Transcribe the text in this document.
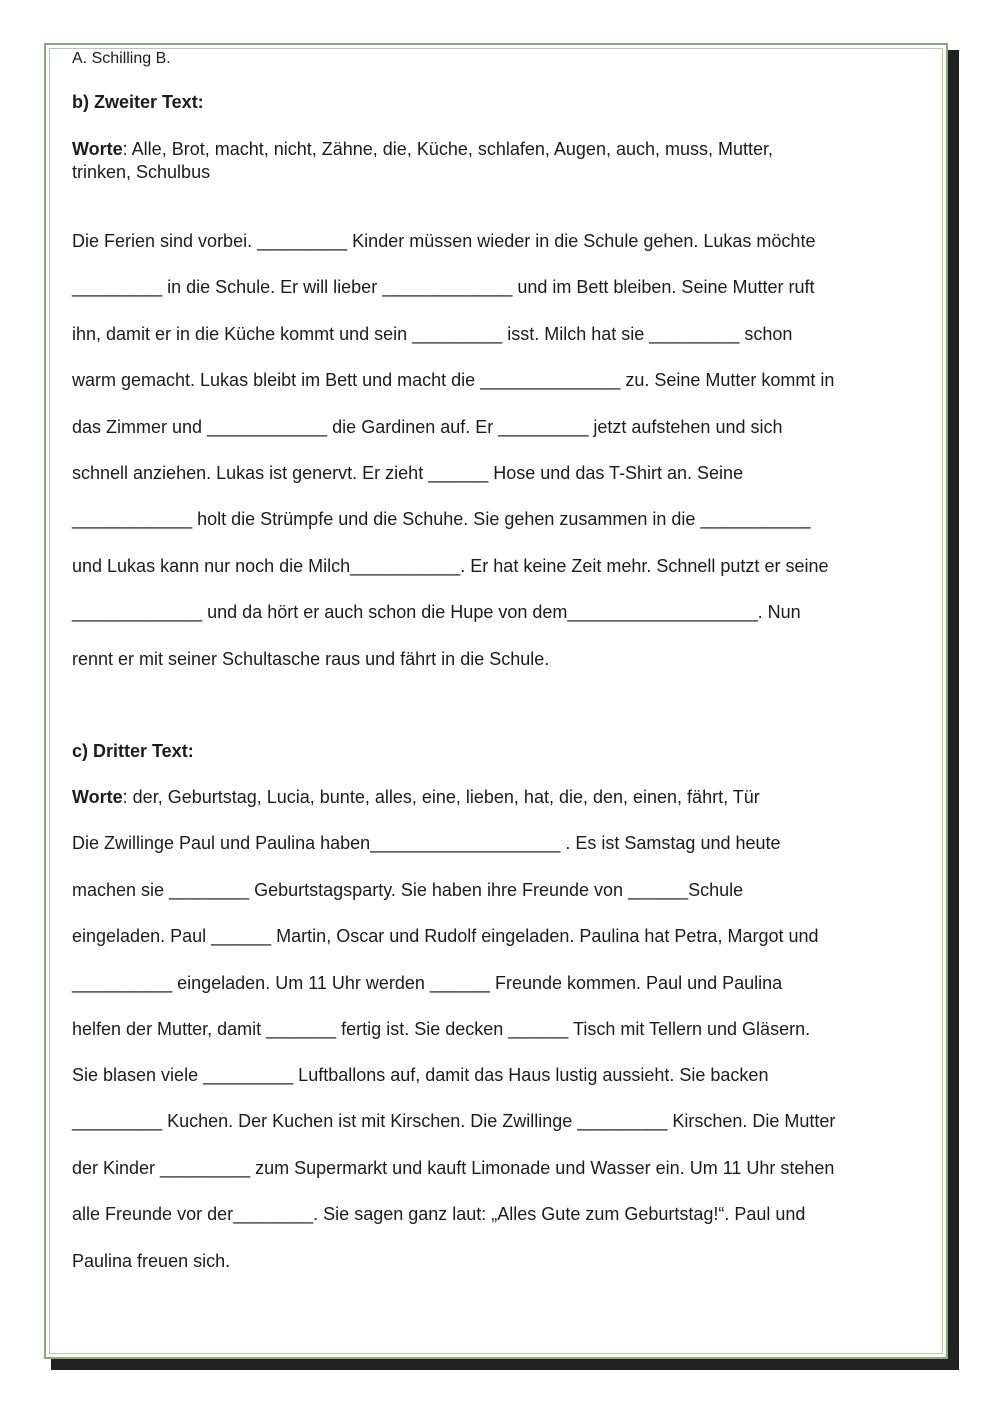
A. Schilling B.
b) Zweiter Text:
Worte: Alle, Brot, macht, nicht, Zähne, die, Küche, schlafen, Augen, auch, muss, Mutter,
trinken, Schulbus
Die Ferien sind vorbei. _________ Kinder müssen wieder in die Schule gehen. Lukas möchte
_________ in die Schule. Er will lieber _____________ und im Bett bleiben. Seine Mutter ruft
ihn, damit er in die Küche kommt und sein _________ isst. Milch hat sie _________ schon
warm gemacht. Lukas bleibt im Bett und macht die ______________ zu. Seine Mutter kommt in
das Zimmer und ____________ die Gardinen auf. Er _________ jetzt aufstehen und sich
schnell anziehen. Lukas ist genervt. Er zieht ______ Hose und das T-Shirt an. Seine
____________ holt die Strümpfe und die Schuhe. Sie gehen zusammen in die ___________
und Lukas kann nur noch die Milch___________. Er hat keine Zeit mehr. Schnell putzt er seine
_____________ und da hört er auch schon die Hupe von dem___________________. Nun
rennt er mit seiner Schultasche raus und fährt in die Schule.
c) Dritter Text:
Worte: der, Geburtstag, Lucia, bunte, alles, eine, lieben, hat, die, den, einen, fährt, Tür
Die Zwillinge Paul und Paulina haben___________________ . Es ist Samstag und heute
machen sie ________ Geburtstagsparty. Sie haben ihre Freunde von ______Schule
eingeladen. Paul ______ Martin, Oscar und Rudolf eingeladen. Paulina hat Petra, Margot und
__________ eingeladen. Um 11 Uhr werden ______ Freunde kommen. Paul und Paulina
helfen der Mutter, damit _______ fertig ist. Sie decken ______ Tisch mit Tellern und Gläsern.
Sie blasen viele _________ Luftballons auf, damit das Haus lustig aussieht. Sie backen
_________ Kuchen. Der Kuchen ist mit Kirschen. Die Zwillinge _________ Kirschen. Die Mutter
der Kinder _________ zum Supermarkt und kauft Limonade und Wasser ein. Um 11 Uhr stehen
alle Freunde vor der________. Sie sagen ganz laut: „Alles Gute zum Geburtstag!“. Paul und
Paulina freuen sich.
